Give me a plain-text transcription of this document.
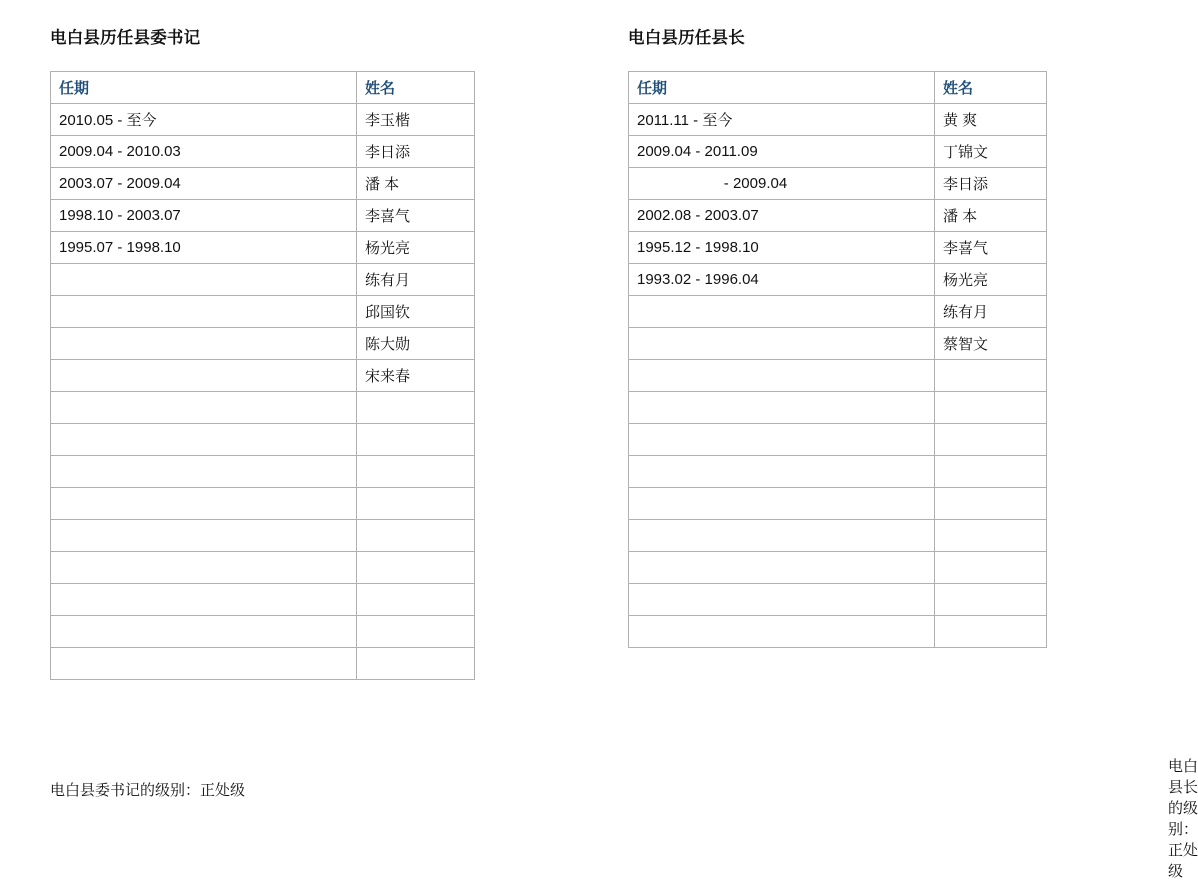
电白县历任县委书记
任期	姓名
2010.05 - 至今	李玉楷
2009.04 - 2010.03	李日添
2003.07 - 2009.04	潘 本
1998.10 - 2003.07	李喜气
1995.07 - 1998.10	杨光亮
	练有月
	邱国钦
	陈大勋
	宋来春

电白县委书记的级别：正处级

电白县历任县长
任期	姓名
2011.11 - 至今	黄 爽
2009.04 - 2011.09	丁锦文
- 2009.04	李日添
2002.08 - 2003.07	潘 本
1995.12 - 1998.10	李喜气
1993.02 - 1996.04	杨光亮
	练有月
	蔡智文

电白县长的级别：正处级
